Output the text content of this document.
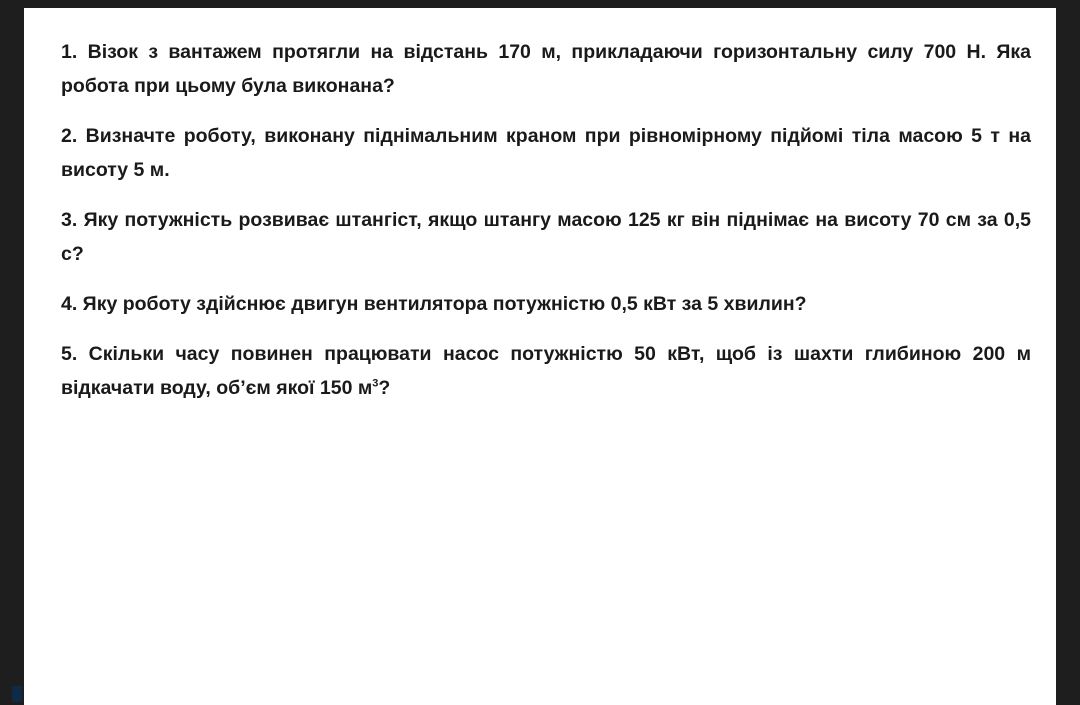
1. Візок з вантажем протягли на відстань 170 м, прикладаючи горизонтальну силу 700 Н. Яка робота при цьому була виконана?

2. Визначте роботу, виконану піднімальним краном при рівномірному підйомі тіла масою 5 т на висоту 5 м.

3. Яку потужність розвиває штангіст, якщо штангу масою 125 кг він піднімає на висоту 70 см за 0,5 с?

4. Яку роботу здійснює двигун вентилятора потужністю 0,5 кВт за 5 хвилин?

5. Скільки часу повинен працювати насос потужністю 50 кВт, щоб із шахти глибиною 200 м відкачати воду, об’єм якої 150 $м^3$?
